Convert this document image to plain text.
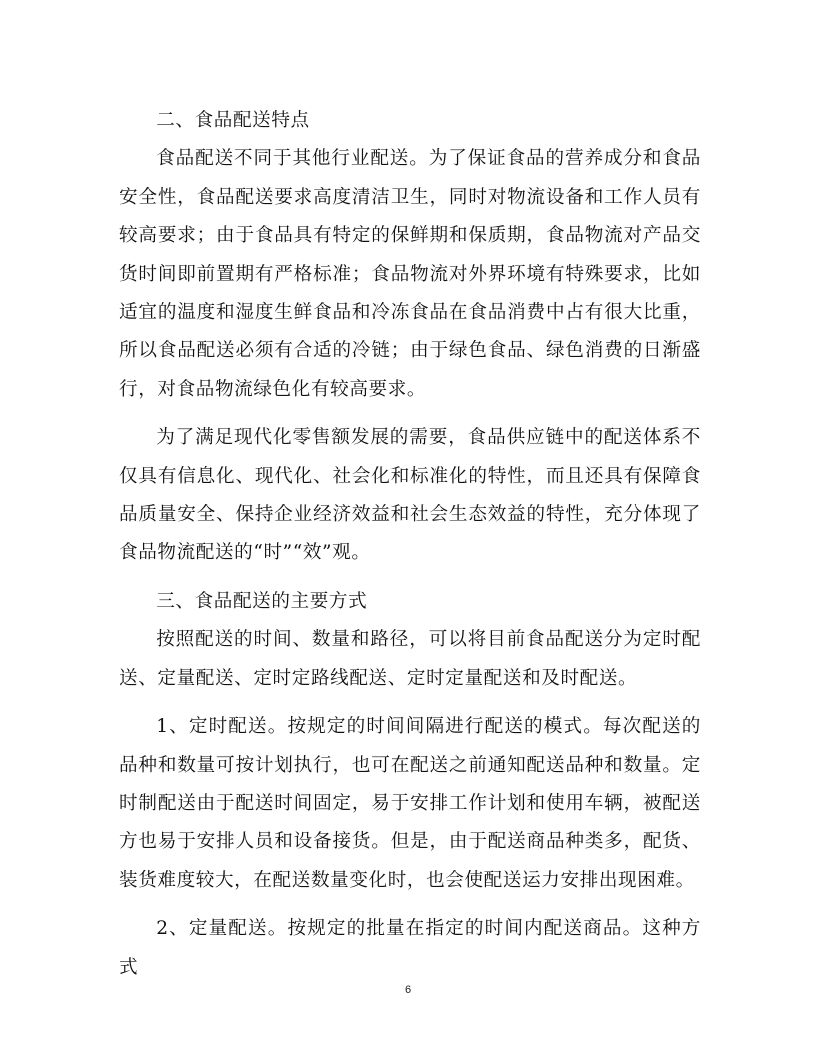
二、食品配送特点

食品配送不同于其他行业配送。为了保证食品的营养成分和食品安全性，食品配送要求高度清洁卫生，同时对物流设备和工作人员有较高要求；由于食品具有特定的保鲜期和保质期，食品物流对产品交货时间即前置期有严格标准；食品物流对外界环境有特殊要求，比如适宜的温度和湿度生鲜食品和冷冻食品在食品消费中占有很大比重，所以食品配送必须有合适的冷链；由于绿色食品、绿色消费的日渐盛行，对食品物流绿色化有较高要求。

为了满足现代化零售额发展的需要，食品供应链中的配送体系不仅具有信息化、现代化、社会化和标准化的特性，而且还具有保障食品质量安全、保持企业经济效益和社会生态效益的特性，充分体现了食品物流配送的“时”“效”观。

三、食品配送的主要方式

按照配送的时间、数量和路径，可以将目前食品配送分为定时配送、定量配送、定时定路线配送、定时定量配送和及时配送。

1、定时配送。按规定的时间间隔进行配送的模式。每次配送的品种和数量可按计划执行，也可在配送之前通知配送品种和数量。定时制配送由于配送时间固定，易于安排工作计划和使用车辆，被配送方也易于安排人员和设备接货。但是，由于配送商品种类多，配货、装货难度较大，在配送数量变化时，也会使配送运力安排出现困难。

2、定量配送。按规定的批量在指定的时间内配送商品。这种方式

6
